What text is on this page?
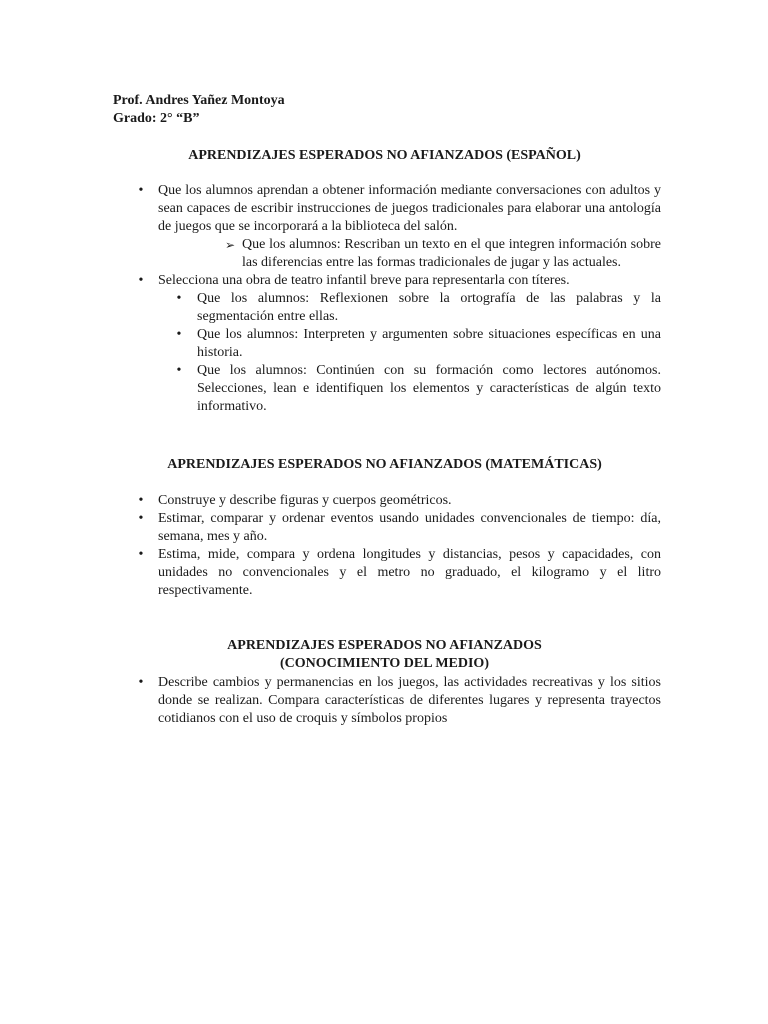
Prof. Andres Yañez Montoya
Grado: 2° “B”
APRENDIZAJES ESPERADOS NO AFIANZADOS (ESPAÑOL)
• Que los alumnos aprendan a obtener información mediante conversaciones con adultos y sean capaces de escribir instrucciones de juegos tradicionales para elaborar una antología de juegos que se incorporará a la biblioteca del salón.
➢ Que los alumnos: Rescriban un texto en el que integren información sobre las diferencias entre las formas tradicionales de jugar y las actuales.
• Selecciona una obra de teatro infantil breve para representarla con títeres.
• Que los alumnos: Reflexionen sobre la ortografía de las palabras y la segmentación entre ellas.
• Que los alumnos: Interpreten y argumenten sobre situaciones específicas en una historia.
• Que los alumnos: Continúen con su formación como lectores autónomos. Selecciones, lean e identifiquen los elementos y características de algún texto informativo.
APRENDIZAJES ESPERADOS NO AFIANZADOS (MATEMÁTICAS)
• Construye y describe figuras y cuerpos geométricos.
• Estimar, comparar y ordenar eventos usando unidades convencionales de tiempo: día, semana, mes y año.
• Estima, mide, compara y ordena longitudes y distancias, pesos y capacidades, con unidades no convencionales y el metro no graduado, el kilogramo y el litro respectivamente.
APRENDIZAJES ESPERADOS NO AFIANZADOS
(CONOCIMIENTO DEL MEDIO)
• Describe cambios y permanencias en los juegos, las actividades recreativas y los sitios donde se realizan. Compara características de diferentes lugares y representa trayectos cotidianos con el uso de croquis y símbolos propios
